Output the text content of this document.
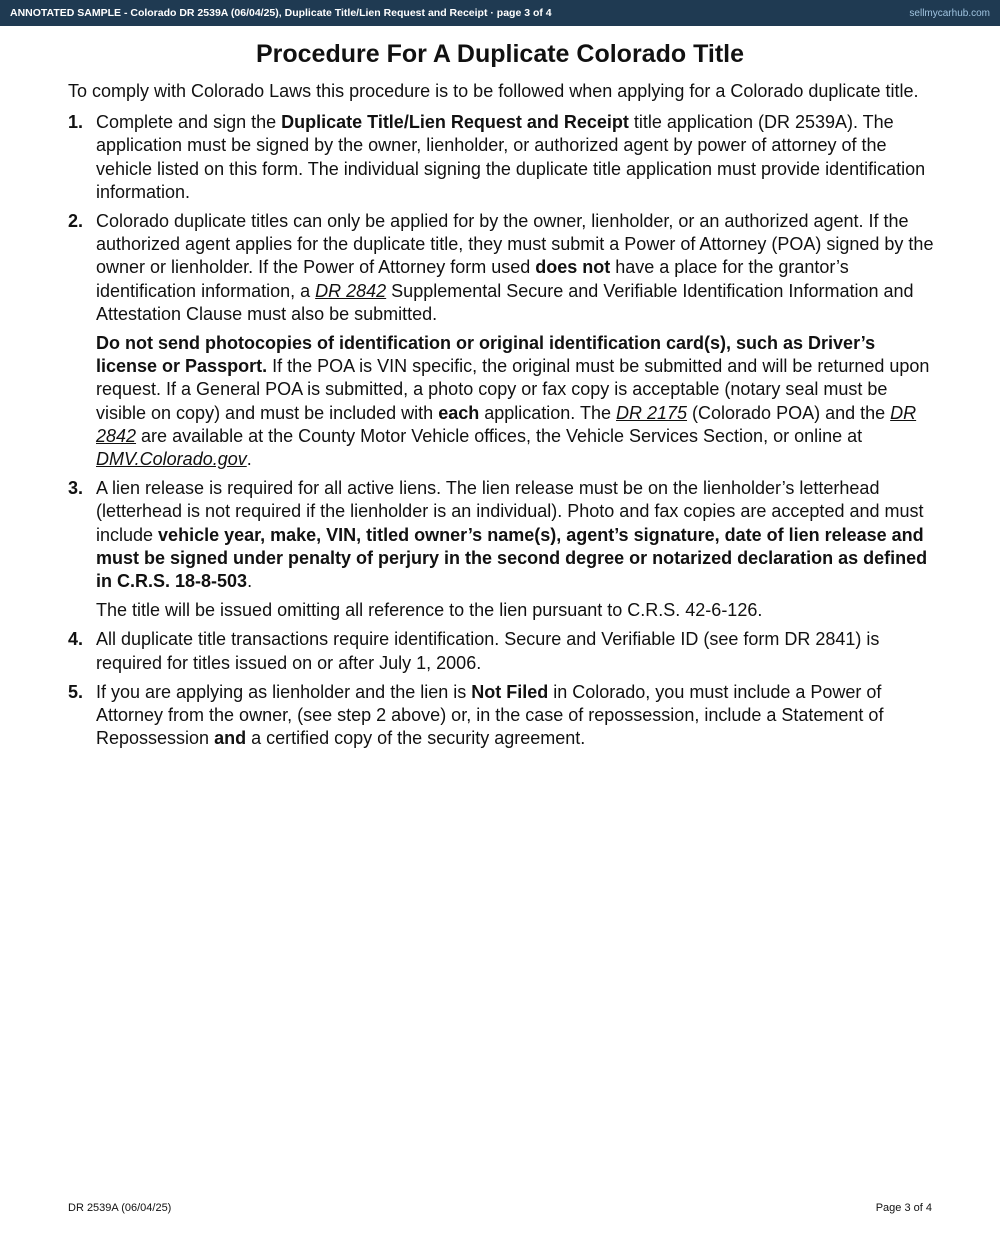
ANNOTATED SAMPLE - Colorado DR 2539A (06/04/25), Duplicate Title/Lien Request and Receipt · page 3 of 4	sellmycarhub.com
Procedure For A Duplicate Colorado Title

To comply with Colorado Laws this procedure is to be followed when applying for a Colorado duplicate title.

1. Complete and sign the Duplicate Title/Lien Request and Receipt title application (DR 2539A). The application must be signed by the owner, lienholder, or authorized agent by power of attorney of the vehicle listed on this form. The individual signing the duplicate title application must provide identification information.

2. Colorado duplicate titles can only be applied for by the owner, lienholder, or an authorized agent. If the authorized agent applies for the duplicate title, they must submit a Power of Attorney (POA) signed by the owner or lienholder. If the Power of Attorney form used does not have a place for the grantor’s identification information, a DR 2842 Supplemental Secure and Verifiable Identification Information and Attestation Clause must also be submitted.

Do not send photocopies of identification or original identification card(s), such as Driver’s license or Passport. If the POA is VIN specific, the original must be submitted and will be returned upon request. If a General POA is submitted, a photo copy or fax copy is acceptable (notary seal must be visible on copy) and must be included with each application. The DR 2175 (Colorado POA) and the DR 2842 are available at the County Motor Vehicle offices, the Vehicle Services Section, or online at DMV.Colorado.gov.

3. A lien release is required for all active liens. The lien release must be on the lienholder’s letterhead (letterhead is not required if the lienholder is an individual). Photo and fax copies are accepted and must include vehicle year, make, VIN, titled owner’s name(s), agent’s signature, date of lien release and must be signed under penalty of perjury in the second degree or notarized declaration as defined in C.R.S. 18-8-503.

The title will be issued omitting all reference to the lien pursuant to C.R.S. 42-6-126.

4. All duplicate title transactions require identification. Secure and Verifiable ID (see form DR 2841) is required for titles issued on or after July 1, 2006.

5. If you are applying as lienholder and the lien is Not Filed in Colorado, you must include a Power of Attorney from the owner, (see step 2 above) or, in the case of repossession, include a Statement of Repossession and a certified copy of the security agreement.

DR 2539A (06/04/25)	Page 3 of 4
